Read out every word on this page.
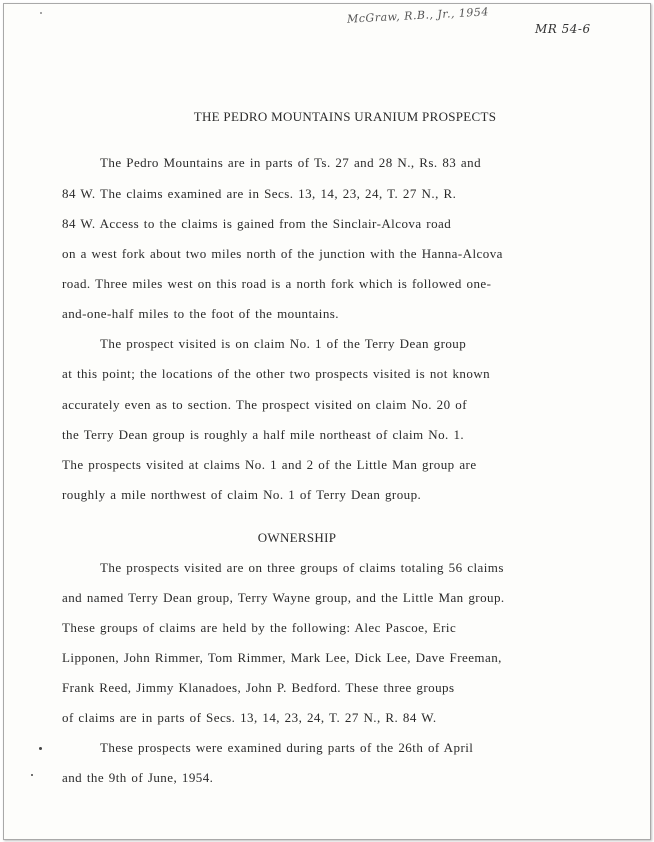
McGraw, R.B., Jr., 1954
MR 54-6
THE PEDRO MOUNTAINS URANIUM PROSPECTS
The Pedro Mountains are in parts of Ts. 27 and 28 N., Rs. 83 and
84 W. The claims examined are in Secs. 13, 14, 23, 24, T. 27 N., R.
84 W. Access to the claims is gained from the Sinclair-Alcova road
on a west fork about two miles north of the junction with the Hanna-Alcova
road. Three miles west on this road is a north fork which is followed one-
and-one-half miles to the foot of the mountains.
The prospect visited is on claim No. 1 of the Terry Dean group
at this point; the locations of the other two prospects visited is not known
accurately even as to section. The prospect visited on claim No. 20 of
the Terry Dean group is roughly a half mile northeast of claim No. 1.
The prospects visited at claims No. 1 and 2 of the Little Man group are
roughly a mile northwest of claim No. 1 of Terry Dean group.
OWNERSHIP
The prospects visited are on three groups of claims totaling 56 claims
and named Terry Dean group, Terry Wayne group, and the Little Man group.
These groups of claims are held by the following: Alec Pascoe, Eric
Lipponen, John Rimmer, Tom Rimmer, Mark Lee, Dick Lee, Dave Freeman,
Frank Reed, Jimmy Klanadoes, John P. Bedford. These three groups
of claims are in parts of Secs. 13, 14, 23, 24, T. 27 N., R. 84 W.
These prospects were examined during parts of the 26th of April
and the 9th of June, 1954.
